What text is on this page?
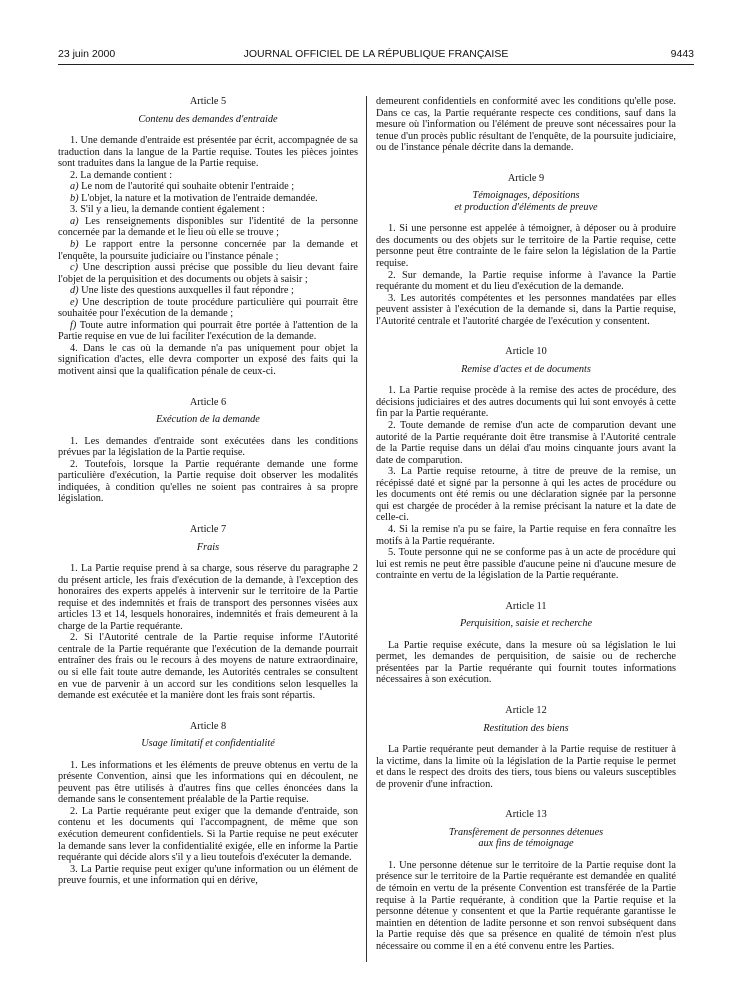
23 juin 2000	JOURNAL OFFICIEL DE LA RÉPUBLIQUE FRANÇAISE	9443
Article 5
Contenu des demandes d'entraide

1. Une demande d'entraide est présentée par écrit, accompagnée de sa traduction dans la langue de la Partie requise. Toutes les pièces jointes sont traduites dans la langue de la Partie requise.

2. La demande contient :

a) Le nom de l'autorité qui souhaite obtenir l'entraide ;

b) L'objet, la nature et la motivation de l'entraide demandée.

3. S'il y a lieu, la demande contient également :

a) Les renseignements disponibles sur l'identité de la personne concernée par la demande et le lieu où elle se trouve ;

b) Le rapport entre la personne concernée par la demande et l'enquête, la poursuite judiciaire ou l'instance pénale ;

c) Une description aussi précise que possible du lieu devant faire l'objet de la perquisition et des documents ou objets à saisir ;

d) Une liste des questions auxquelles il faut répondre ;

e) Une description de toute procédure particulière qui pourrait être souhaitée pour l'exécution de la demande ;

f) Toute autre information qui pourrait être portée à l'attention de la Partie requise en vue de lui faciliter l'exécution de la demande.

4. Dans le cas où la demande n'a pas uniquement pour objet la signification d'actes, elle devra comporter un exposé des faits qui la motivent ainsi que la qualification pénale de ceux-ci.

Article 6
Exécution de la demande

1. Les demandes d'entraide sont exécutées dans les conditions prévues par la législation de la Partie requise.

2. Toutefois, lorsque la Partie requérante demande une forme particulière d'exécution, la Partie requise doit observer les modalités indiquées, à condition qu'elles ne soient pas contraires à sa propre législation.

Article 7
Frais

1. La Partie requise prend à sa charge, sous réserve du paragraphe 2 du présent article, les frais d'exécution de la demande, à l'exception des honoraires des experts appelés à intervenir sur le territoire de la Partie requise et des indemnités et frais de transport des personnes visées aux articles 13 et 14, lesquels honoraires, indemnités et frais demeurent à la charge de la Partie requérante.

2. Si l'Autorité centrale de la Partie requise informe l'Autorité centrale de la Partie requérante que l'exécution de la demande pourrait entraîner des frais ou le recours à des moyens de nature extraordinaire, ou si elle fait toute autre demande, les Autorités centrales se consultent en vue de parvenir à un accord sur les conditions selon lesquelles la demande est exécutée et la manière dont les frais sont répartis.

Article 8
Usage limitatif et confidentialité

1. Les informations et les éléments de preuve obtenus en vertu de la présente Convention, ainsi que les informations qui en découlent, ne peuvent pas être utilisés à d'autres fins que celles énoncées dans la demande sans le consentement préalable de la Partie requise.

2. La Partie requérante peut exiger que la demande d'entraide, son contenu et les documents qui l'accompagnent, de même que son exécution demeurent confidentiels. Si la Partie requise ne peut exécuter la demande sans lever la confidentialité exigée, elle en informe la Partie requérante qui décide alors s'il y a lieu toutefois d'exécuter la demande.

3. La Partie requise peut exiger qu'une information ou un élément de preuve fournis, et une information qui en dérive,

demeurent confidentiels en conformité avec les conditions qu'elle pose. Dans ce cas, la Partie requérante respecte ces conditions, sauf dans la mesure où l'information ou l'élément de preuve sont nécessaires pour la tenue d'un procès public résultant de l'enquête, de la poursuite judiciaire, ou de l'instance pénale décrite dans la demande.

Article 9
Témoignages, dépositions
et production d'éléments de preuve

1. Si une personne est appelée à témoigner, à déposer ou à produire des documents ou des objets sur le territoire de la Partie requise, cette personne peut être contrainte de le faire selon la législation de la Partie requise.

2. Sur demande, la Partie requise informe à l'avance la Partie requérante du moment et du lieu d'exécution de la demande.

3. Les autorités compétentes et les personnes mandatées par elles peuvent assister à l'exécution de la demande si, dans la Partie requise, l'Autorité centrale et l'autorité chargée de l'exécution y consentent.

Article 10
Remise d'actes et de documents

1. La Partie requise procède à la remise des actes de procédure, des décisions judiciaires et des autres documents qui lui sont envoyés à cette fin par la Partie requérante.

2. Toute demande de remise d'un acte de comparution devant une autorité de la Partie requérante doit être transmise à l'Autorité centrale de la Partie requise dans un délai d'au moins cinquante jours avant la date de comparution.

3. La Partie requise retourne, à titre de preuve de la remise, un récépissé daté et signé par la personne à qui les actes de procédure ou les documents ont été remis ou une déclaration signée par la personne qui est chargée de procéder à la remise précisant la nature et la date de celle-ci.

4. Si la remise n'a pu se faire, la Partie requise en fera connaître les motifs à la Partie requérante.

5. Toute personne qui ne se conforme pas à un acte de procédure qui lui est remis ne peut être passible d'aucune peine ni d'aucune mesure de contrainte en vertu de la législation de la Partie requérante.

Article 11
Perquisition, saisie et recherche

La Partie requise exécute, dans la mesure où sa législation le lui permet, les demandes de perquisition, de saisie ou de recherche présentées par la Partie requérante qui fournit toutes informations nécessaires à son exécution.

Article 12
Restitution des biens

La Partie requérante peut demander à la Partie requise de restituer à la victime, dans la limite où la législation de la Partie requise le permet et dans le respect des droits des tiers, tous biens ou valeurs susceptibles de provenir d'une infraction.

Article 13
Transfèrement de personnes détenues
aux fins de témoignage

1. Une personne détenue sur le territoire de la Partie requise dont la présence sur le territoire de la Partie requérante est demandée en qualité de témoin en vertu de la présente Convention est transférée de la Partie requise à la Partie requérante, à condition que la Partie requise et la personne détenue y consentent et que la Partie requérante garantisse le maintien en détention de ladite personne et son renvoi subséquent dans la Partie requise dès que sa présence en qualité de témoin n'est plus nécessaire ou comme il en a été convenu entre les Parties.
